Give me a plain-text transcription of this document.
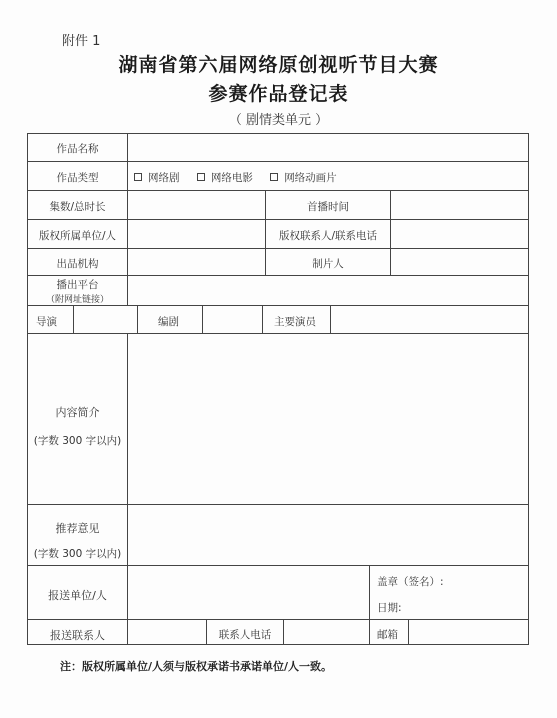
附件 1
湖南省第六届网络原创视听节目大赛
参赛作品登记表
（ 剧情类单元 ）
作品名称
作品类型	网络剧	网络电影	网络动画片
集数/总时长	首播时间
版权所属单位/人	版权联系人/联系电话
出品机构	制片人
播出平台
（附网址链接）
导演	编剧	主要演员
内容简介
(字数 300 字以内)
推荐意见
(字数 300 字以内)
报送单位/人
盖章（签名）:
日期:
报送联系人	联系人电话	邮箱
注：版权所属单位/人须与版权承诺书承诺单位/人一致。
